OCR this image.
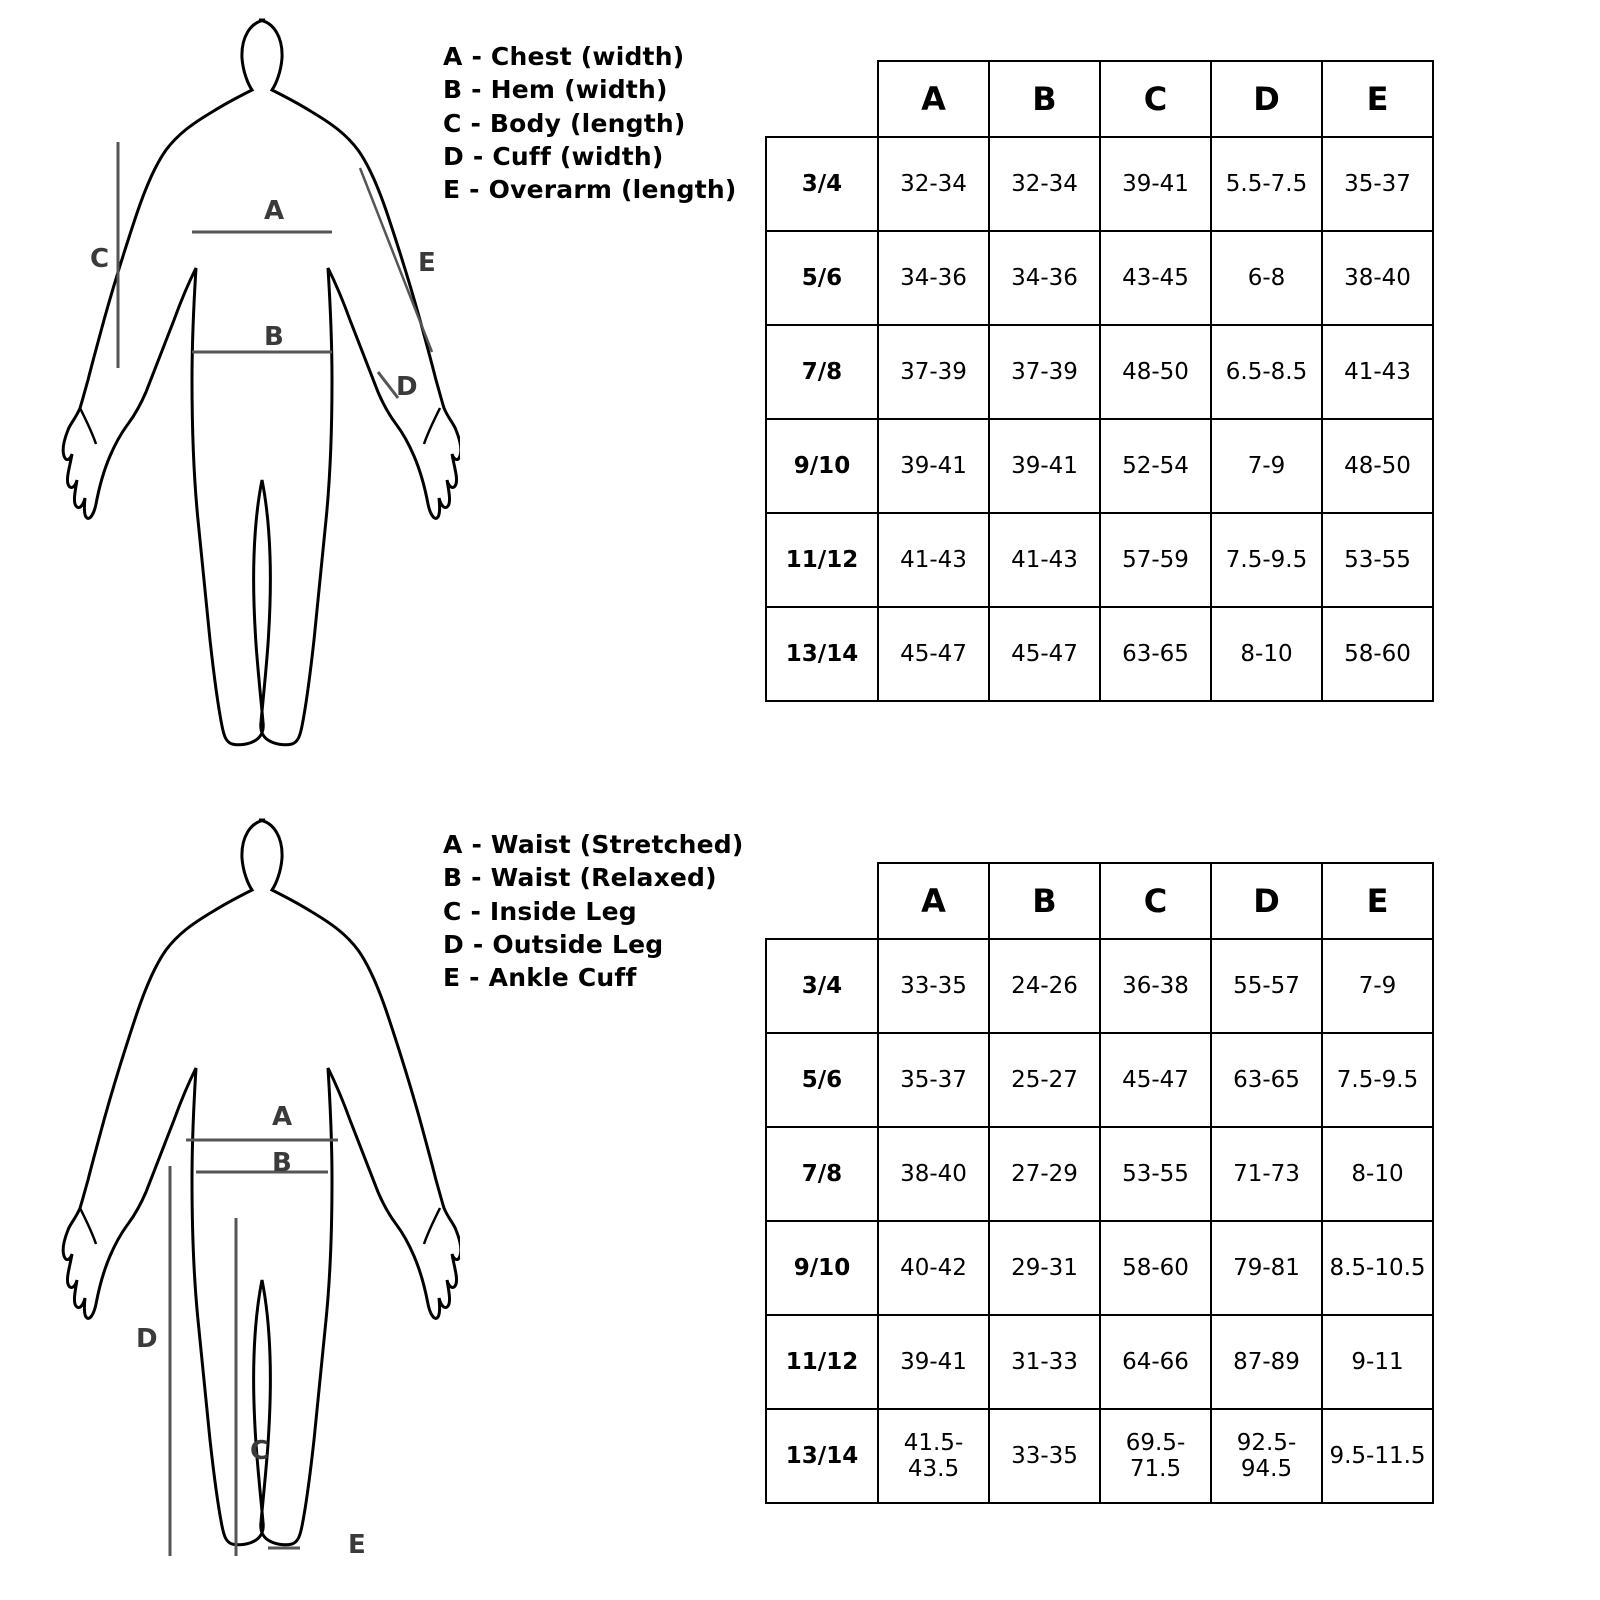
A
B
C
D
E
A - Chest (width)
B - Hem (width)
C - Body (length)
D - Cuff (width)
E - Overarm (length)
	A	B	C	D	E
3/4	32-34	32-34	39-41	5.5-7.5	35-37
5/6	34-36	34-36	43-45	6-8	38-40
7/8	37-39	37-39	48-50	6.5-8.5	41-43
9/10	39-41	39-41	52-54	7-9	48-50
11/12	41-43	41-43	57-59	7.5-9.5	53-55
13/14	45-47	45-47	63-65	8-10	58-60
A
B
C
D
E
A - Waist (Stretched)
B - Waist (Relaxed)
C - Inside Leg
D - Outside Leg
E - Ankle Cuff
	A	B	C	D	E
3/4	33-35	24-26	36-38	55-57	7-9
5/6	35-37	25-27	45-47	63-65	7.5-9.5
7/8	38-40	27-29	53-55	71-73	8-10
9/10	40-42	29-31	58-60	79-81	8.5-10.5
11/12	39-41	31-33	64-66	87-89	9-11
13/14	41.5-43.5	33-35	69.5-71.5	92.5-94.5	9.5-11.5
